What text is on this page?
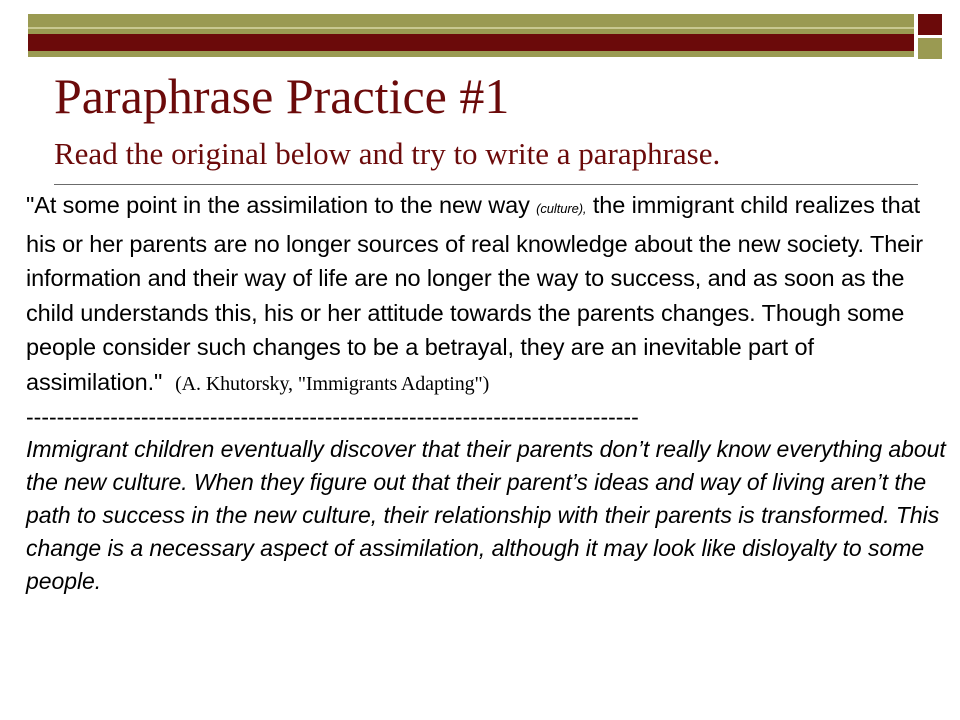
Paraphrase Practice #1
Read the original below and try to write a paraphrase.

"At some point in the assimilation to the new way (culture), the immigrant child realizes that his or her parents are no longer sources of real knowledge about the new society. Their information and their way of life are no longer the way to success, and as soon as the child understands this, his or her attitude towards the parents changes. Though some people consider such changes to be a betrayal, they are an inevitable part of assimilation." (A. Khutorsky, "Immigrants Adapting")

--------------------------------------------------------------------------------

Immigrant children eventually discover that their parents don’t really know everything about the new culture. When they figure out that their parent’s ideas and way of living aren’t the path to success in the new culture, their relationship with their parents is transformed. This change is a necessary aspect of assimilation, although it may look like disloyalty to some people.
